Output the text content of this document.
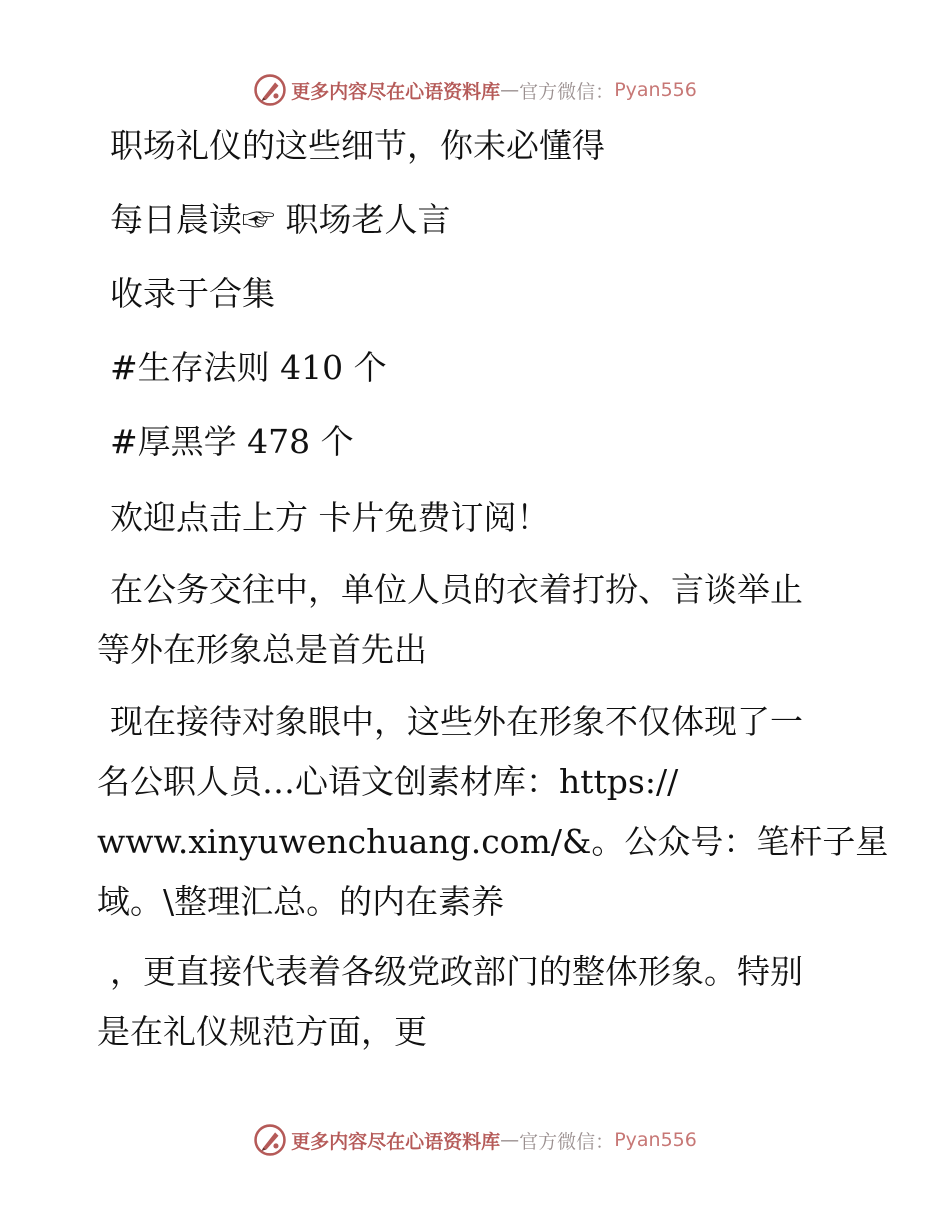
更多内容尽在心语资料库 — 官方微信： Pyan556
职场礼仪的这些细节，你未必懂得
每日晨读☞ 职场老人言
收录于合集
#生存法则 410 个
#厚黑学 478 个
欢迎点击上方 卡片免费订阅！
在公务交往中，单位人员的衣着打扮、言谈举止
等外在形象总是首先出
现在接待对象眼中，这些外在形象不仅体现了一
名公职人员…心语文创素材库：https://
www.xinyuwenchuang.com/&。公众号：笔杆子星
域。\整理汇总。的内在素养
，更直接代表着各级党政部门的整体形象。特别
是在礼仪规范方面，更
更多内容尽在心语资料库 — 官方微信： Pyan556
